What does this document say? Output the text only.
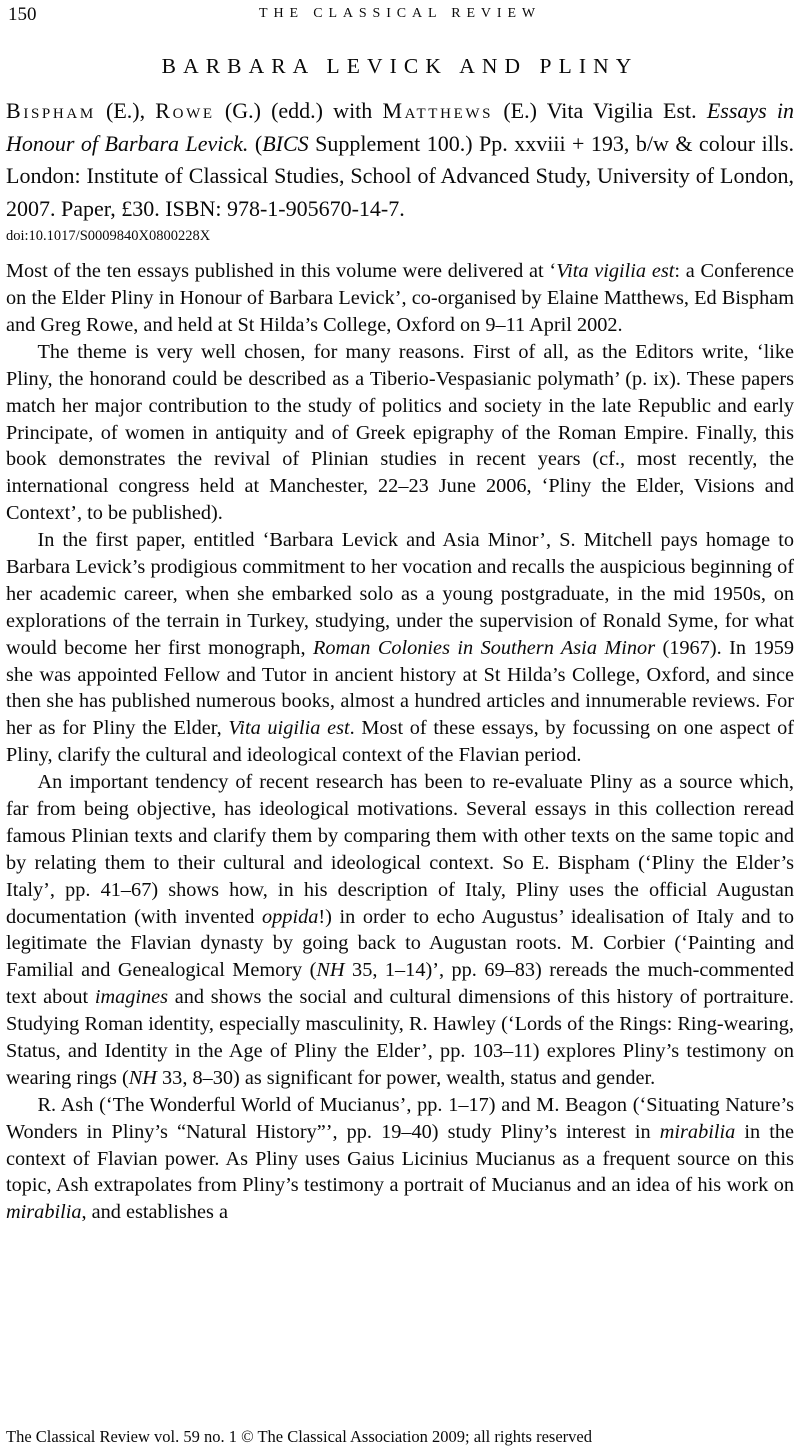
150	THE CLASSICAL REVIEW
BARBARA LEVICK AND PLINY

Bispham (E.), Rowe (G.) (edd.) with Matthews (E.) Vita Vigilia Est. Essays in Honour of Barbara Levick. (BICS Supplement 100.) Pp. xxviii + 193, b/w & colour ills. London: Institute of Classical Studies, School of Advanced Study, University of London, 2007. Paper, £30. ISBN: 978-1-905670-14-7.

doi:10.1017/S0009840X0800228X

Most of the ten essays published in this volume were delivered at ‘Vita vigilia est: a Conference on the Elder Pliny in Honour of Barbara Levick’, co-organised by Elaine Matthews, Ed Bispham and Greg Rowe, and held at St Hilda’s College, Oxford on 9–11 April 2002.

The theme is very well chosen, for many reasons. First of all, as the Editors write, ‘like Pliny, the honorand could be described as a Tiberio-Vespasianic polymath’ (p. ix). These papers match her major contribution to the study of politics and society in the late Republic and early Principate, of women in antiquity and of Greek epigraphy of the Roman Empire. Finally, this book demonstrates the revival of Plinian studies in recent years (cf., most recently, the international congress held at Manchester, 22–23 June 2006, ‘Pliny the Elder, Visions and Context’, to be published).

In the first paper, entitled ‘Barbara Levick and Asia Minor’, S. Mitchell pays homage to Barbara Levick’s prodigious commitment to her vocation and recalls the auspicious beginning of her academic career, when she embarked solo as a young postgraduate, in the mid 1950s, on explorations of the terrain in Turkey, studying, under the supervision of Ronald Syme, for what would become her first monograph, Roman Colonies in Southern Asia Minor (1967). In 1959 she was appointed Fellow and Tutor in ancient history at St Hilda’s College, Oxford, and since then she has published numerous books, almost a hundred articles and innumerable reviews. For her as for Pliny the Elder, Vita uigilia est. Most of these essays, by focussing on one aspect of Pliny, clarify the cultural and ideological context of the Flavian period.

An important tendency of recent research has been to re-evaluate Pliny as a source which, far from being objective, has ideological motivations. Several essays in this collection reread famous Plinian texts and clarify them by comparing them with other texts on the same topic and by relating them to their cultural and ideological context. So E. Bispham (‘Pliny the Elder’s Italy’, pp. 41–67) shows how, in his description of Italy, Pliny uses the official Augustan documentation (with invented oppida!) in order to echo Augustus’ idealisation of Italy and to legitimate the Flavian dynasty by going back to Augustan roots. M. Corbier (‘Painting and Familial and Genealogical Memory (NH 35, 1–14)’, pp. 69–83) rereads the much-commented text about imagines and shows the social and cultural dimensions of this history of portraiture. Studying Roman identity, especially masculinity, R. Hawley (‘Lords of the Rings: Ring-wearing, Status, and Identity in the Age of Pliny the Elder’, pp. 103–11) explores Pliny’s testimony on wearing rings (NH 33, 8–30) as significant for power, wealth, status and gender.

R. Ash (‘The Wonderful World of Mucianus’, pp. 1–17) and M. Beagon (‘Situating Nature’s Wonders in Pliny’s “Natural History”’, pp. 19–40) study Pliny’s interest in mirabilia in the context of Flavian power. As Pliny uses Gaius Licinius Mucianus as a frequent source on this topic, Ash extrapolates from Pliny’s testimony a portrait of Mucianus and an idea of his work on mirabilia, and establishes a

The Classical Review vol. 59 no. 1 © The Classical Association 2009; all rights reserved
